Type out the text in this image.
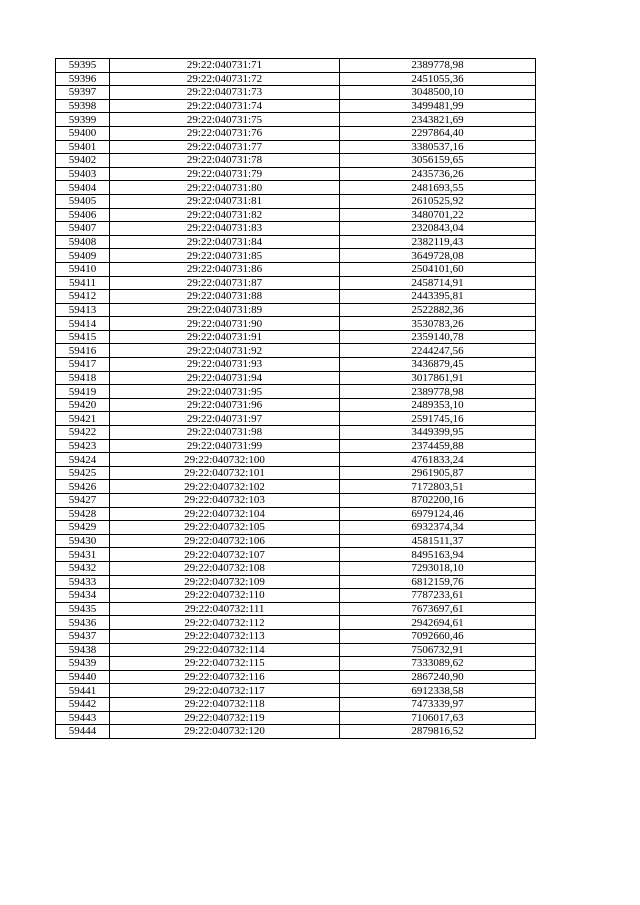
59395	29:22:040731:71	2389778,98
59396	29:22:040731:72	2451055,36
59397	29:22:040731:73	3048500,10
59398	29:22:040731:74	3499481,99
59399	29:22:040731:75	2343821,69
59400	29:22:040731:76	2297864,40
59401	29:22:040731:77	3380537,16
59402	29:22:040731:78	3056159,65
59403	29:22:040731:79	2435736,26
59404	29:22:040731:80	2481693,55
59405	29:22:040731:81	2610525,92
59406	29:22:040731:82	3480701,22
59407	29:22:040731:83	2320843,04
59408	29:22:040731:84	2382119,43
59409	29:22:040731:85	3649728,08
59410	29:22:040731:86	2504101,60
59411	29:22:040731:87	2458714,91
59412	29:22:040731:88	2443395,81
59413	29:22:040731:89	2522882,36
59414	29:22:040731:90	3530783,26
59415	29:22:040731:91	2359140,78
59416	29:22:040731:92	2244247,56
59417	29:22:040731:93	3436879,45
59418	29:22:040731:94	3017861,91
59419	29:22:040731:95	2389778,98
59420	29:22:040731:96	2489353,10
59421	29:22:040731:97	2591745,16
59422	29:22:040731:98	3449399,95
59423	29:22:040731:99	2374459,88
59424	29:22:040732:100	4761833,24
59425	29:22:040732:101	2961905,87
59426	29:22:040732:102	7172803,51
59427	29:22:040732:103	8702200,16
59428	29:22:040732:104	6979124,46
59429	29:22:040732:105	6932374,34
59430	29:22:040732:106	4581511,37
59431	29:22:040732:107	8495163,94
59432	29:22:040732:108	7293018,10
59433	29:22:040732:109	6812159,76
59434	29:22:040732:110	7787233,61
59435	29:22:040732:111	7673697,61
59436	29:22:040732:112	2942694,61
59437	29:22:040732:113	7092660,46
59438	29:22:040732:114	7506732,91
59439	29:22:040732:115	7333089,62
59440	29:22:040732:116	2867240,90
59441	29:22:040732:117	6912338,58
59442	29:22:040732:118	7473339,97
59443	29:22:040732:119	7106017,63
59444	29:22:040732:120	2879816,52
